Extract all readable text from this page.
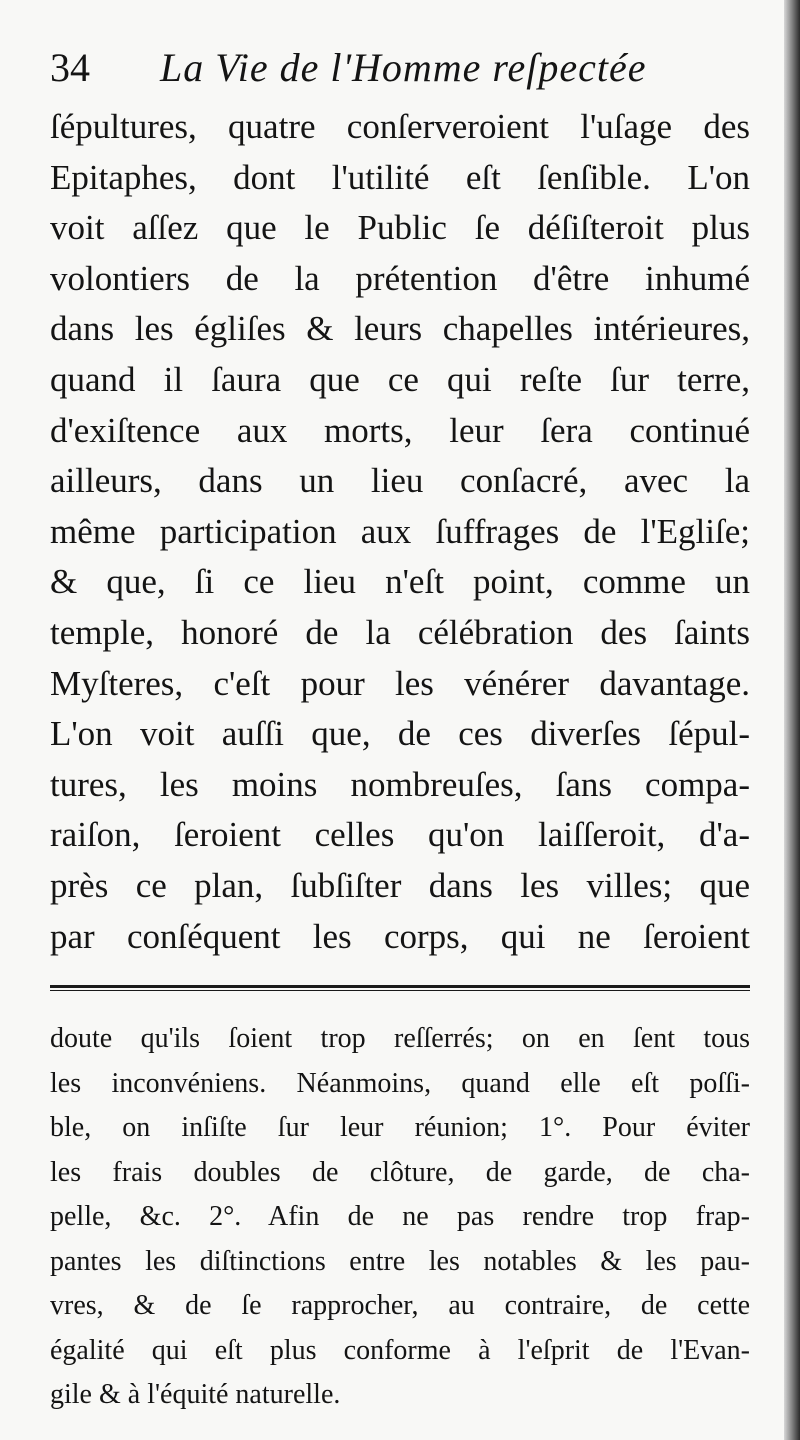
34 La Vie de l'Homme reſpectée
ſépultures, quatre conſerveroient l'uſage des
Epitaphes, dont l'utilité eſt ſenſible. L'on
voit aſſez que le Public ſe déſiſteroit plus
volontiers de la prétention d'être inhumé
dans les égliſes & leurs chapelles intérieures,
quand il ſaura que ce qui reſte ſur terre,
d'exiſtence aux morts, leur ſera continué
ailleurs, dans un lieu conſacré, avec la
même participation aux ſuffrages de l'Egliſe;
& que, ſi ce lieu n'eſt point, comme un
temple, honoré de la célébration des ſaints
Myſteres, c'eſt pour les vénérer davantage.
L'on voit auſſi que, de ces diverſes ſépul-
tures, les moins nombreuſes, ſans compa-
raiſon, ſeroient celles qu'on laiſſeroit, d'a-
près ce plan, ſubſiſter dans les villes; que
par conſéquent les corps, qui ne ſeroient
doute qu'ils ſoient trop reſſerrés; on en ſent tous
les inconvéniens. Néanmoins, quand elle eſt poſſi-
ble, on inſiſte ſur leur réunion; 1°. Pour éviter
les frais doubles de clôture, de garde, de cha-
pelle, &c. 2°. Afin de ne pas rendre trop frap-
pantes les diſtinctions entre les notables & les pau-
vres, & de ſe rapprocher, au contraire, de cette
égalité qui eſt plus conforme à l'eſprit de l'Evan-
gile & à l'équité naturelle.
